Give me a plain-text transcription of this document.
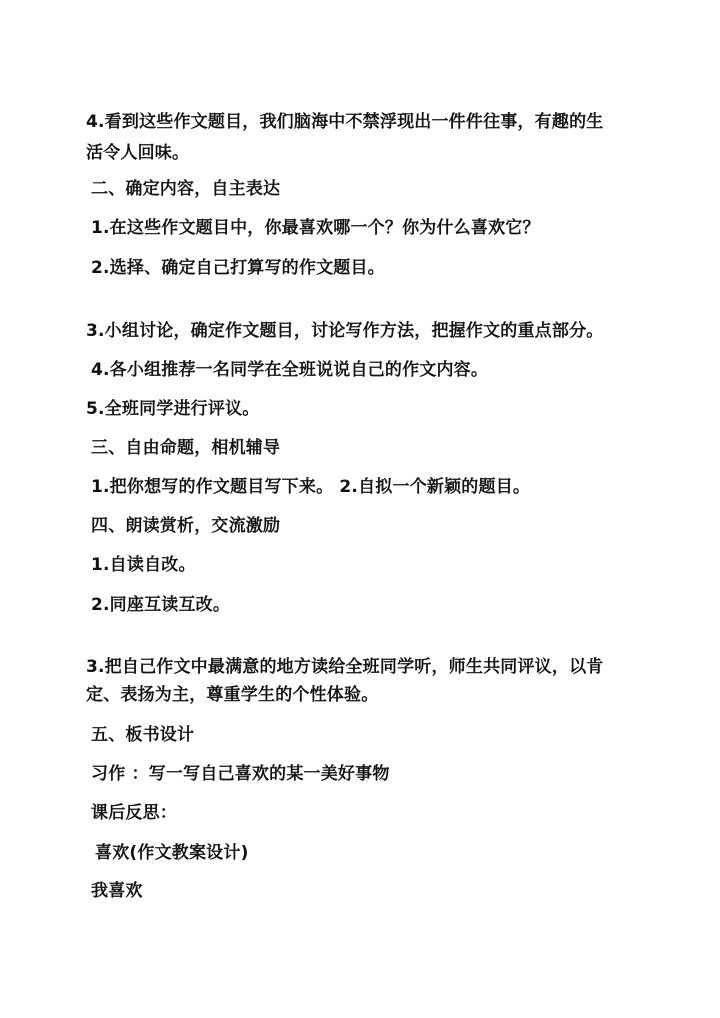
4.看到这些作文题目，我们脑海中不禁浮现出一件件往事，有趣的生
活令人回味。
二、确定内容，自主表达
1.在这些作文题目中，你最喜欢哪一个？你为什么喜欢它？
2.选择、确定自己打算写的作文题目。
3.小组讨论，确定作文题目，讨论写作方法，把握作文的重点部分。
4.各小组推荐一名同学在全班说说自己的作文内容。
5.全班同学进行评议。
三、自由命题，相机辅导
1.把你想写的作文题目写下来。 2.自拟一个新颖的题目。
四、朗读赏析，交流激励
1.自读自改。
2.同座互读互改。
3.把自己作文中最满意的地方读给全班同学听，师生共同评议，以肯
定、表扬为主，尊重学生的个性体验。
五、板书设计
习作 ：写一写自己喜欢的某一美好事物
课后反思：
喜欢(作文教案设计)
我喜欢
